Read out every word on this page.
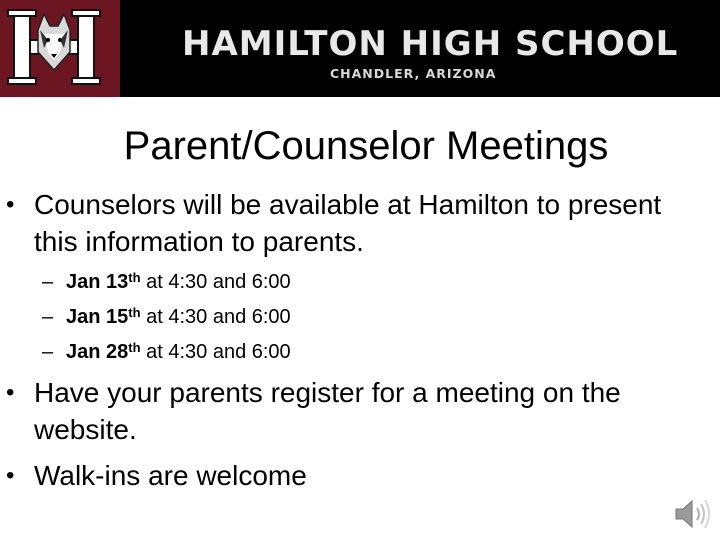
HAMILTON HIGH SCHOOL
CHANDLER, ARIZONA
Parent/Counselor Meetings
• Counselors will be available at Hamilton to present this information to parents.
– Jan 13th at 4:30 and 6:00
– Jan 15th at 4:30 and 6:00
– Jan 28th at 4:30 and 6:00
• Have your parents register for a meeting on the website.
• Walk-ins are welcome
